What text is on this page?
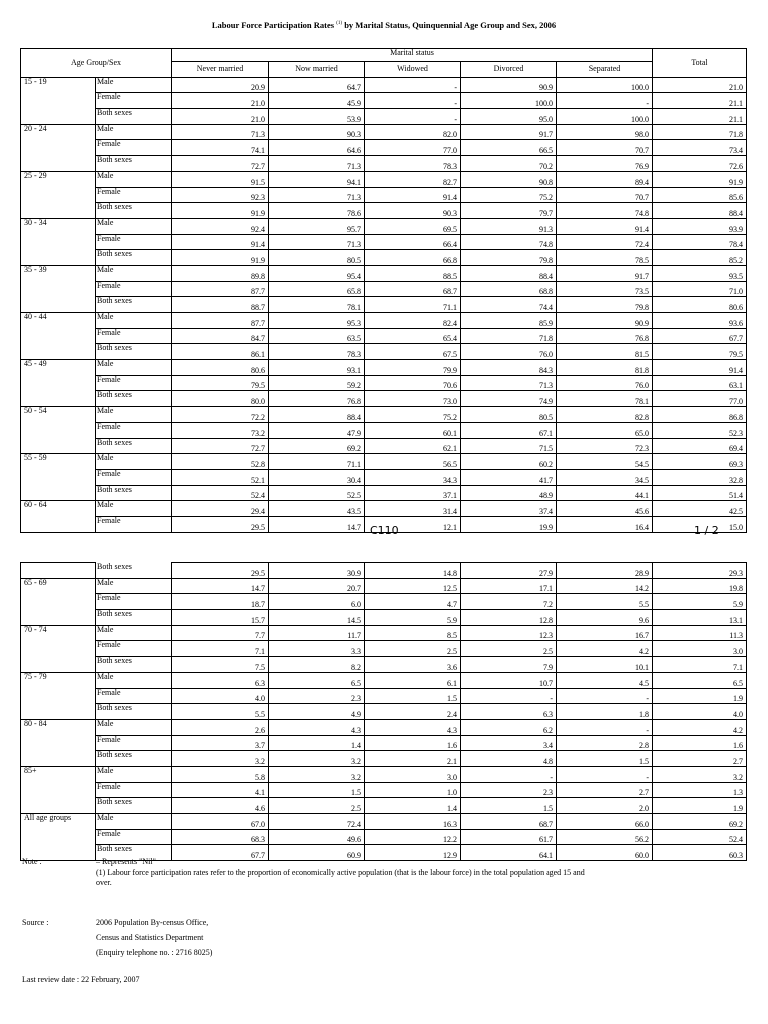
Labour Force Participation Rates $^{(1)}$ by Marital Status, Quinquennial Age Group and Sex, 2006
Age Group/Sex		Marital status					Total
		Never married	Now married	Widowed	Divorced	Separated	
15 - 19	Male	20.9	64.7	-	90.9	100.0	21.0
	Female	21.0	45.9	-	100.0	-	21.1
	Both sexes	21.0	53.9	-	95.0	100.0	21.1
20 - 24	Male	71.3	90.3	82.0	91.7	98.0	71.8
	Female	74.1	64.6	77.0	66.5	70.7	73.4
	Both sexes	72.7	71.3	78.3	70.2	76.9	72.6
25 - 29	Male	91.5	94.1	82.7	90.8	89.4	91.9
	Female	92.3	71.3	91.4	75.2	70.7	85.6
	Both sexes	91.9	78.6	90.3	79.7	74.8	88.4
30 - 34	Male	92.4	95.7	69.5	91.3	91.4	93.9
	Female	91.4	71.3	66.4	74.8	72.4	78.4
	Both sexes	91.9	80.5	66.8	79.8	78.5	85.2
35 - 39	Male	89.8	95.4	88.5	88.4	91.7	93.5
	Female	87.7	65.8	68.7	68.8	73.5	71.0
	Both sexes	88.7	78.1	71.1	74.4	79.8	80.6
40 - 44	Male	87.7	95.3	82.4	85.9	90.9	93.6
	Female	84.7	63.5	65.4	71.8	76.8	67.7
	Both sexes	86.1	78.3	67.5	76.0	81.5	79.5
45 - 49	Male	80.6	93.1	79.9	84.3	81.8	91.4
	Female	79.5	59.2	70.6	71.3	76.0	63.1
	Both sexes	80.0	76.8	73.0	74.9	78.1	77.0
50 - 54	Male	72.2	88.4	75.2	80.5	82.8	86.8
	Female	73.2	47.9	60.1	67.1	65.0	52.3
	Both sexes	72.7	69.2	62.1	71.5	72.3	69.4
55 - 59	Male	52.8	71.1	56.5	60.2	54.5	69.3
	Female	52.1	30.4	34.3	41.7	34.5	32.8
	Both sexes	52.4	52.5	37.1	48.9	44.1	51.4
60 - 64	Male	29.4	43.5	31.4	37.4	45.6	42.5
	Female	29.5	14.7	12.1	19.9	16.4	15.0
C110	1 / 2
	Both sexes	29.5	30.9	14.8	27.9	28.9	29.3
65 - 69	Male	14.7	20.7	12.5	17.1	14.2	19.8
	Female	18.7	6.0	4.7	7.2	5.5	5.9
	Both sexes	15.7	14.5	5.9	12.8	9.6	13.1
70 - 74	Male	7.7	11.7	8.5	12.3	16.7	11.3
	Female	7.1	3.3	2.5	2.5	4.2	3.0
	Both sexes	7.5	8.2	3.6	7.9	10.1	7.1
75 - 79	Male	6.3	6.5	6.1	10.7	4.5	6.5
	Female	4.0	2.3	1.5	-	-	1.9
	Both sexes	5.5	4.9	2.4	6.3	1.8	4.0
80 - 84	Male	2.6	4.3	4.3	6.2	-	4.2
	Female	3.7	1.4	1.6	3.4	2.8	1.6
	Both sexes	3.2	3.2	2.1	4.8	1.5	2.7
85+	Male	5.8	3.2	3.0	-	-	3.2
	Female	4.1	1.5	1.0	2.3	2.7	1.3
	Both sexes	4.6	2.5	1.4	1.5	2.0	1.9
All age groups	Male	67.0	72.4	16.3	68.7	66.0	69.2
	Female	68.3	49.6	12.2	61.7	56.2	52.4
	Both sexes	67.7	60.9	12.9	64.1	60.0	60.3
Note :	– Represents "Nil"
(1) Labour force participation rates refer to the proportion of economically active population (that is the labour force) in the total population aged 15 and
over.
Source :	2006 Population By-census Office,
Census and Statistics Department
(Enquiry telephone no. : 2716 8025)
Last review date : 22 February, 2007
